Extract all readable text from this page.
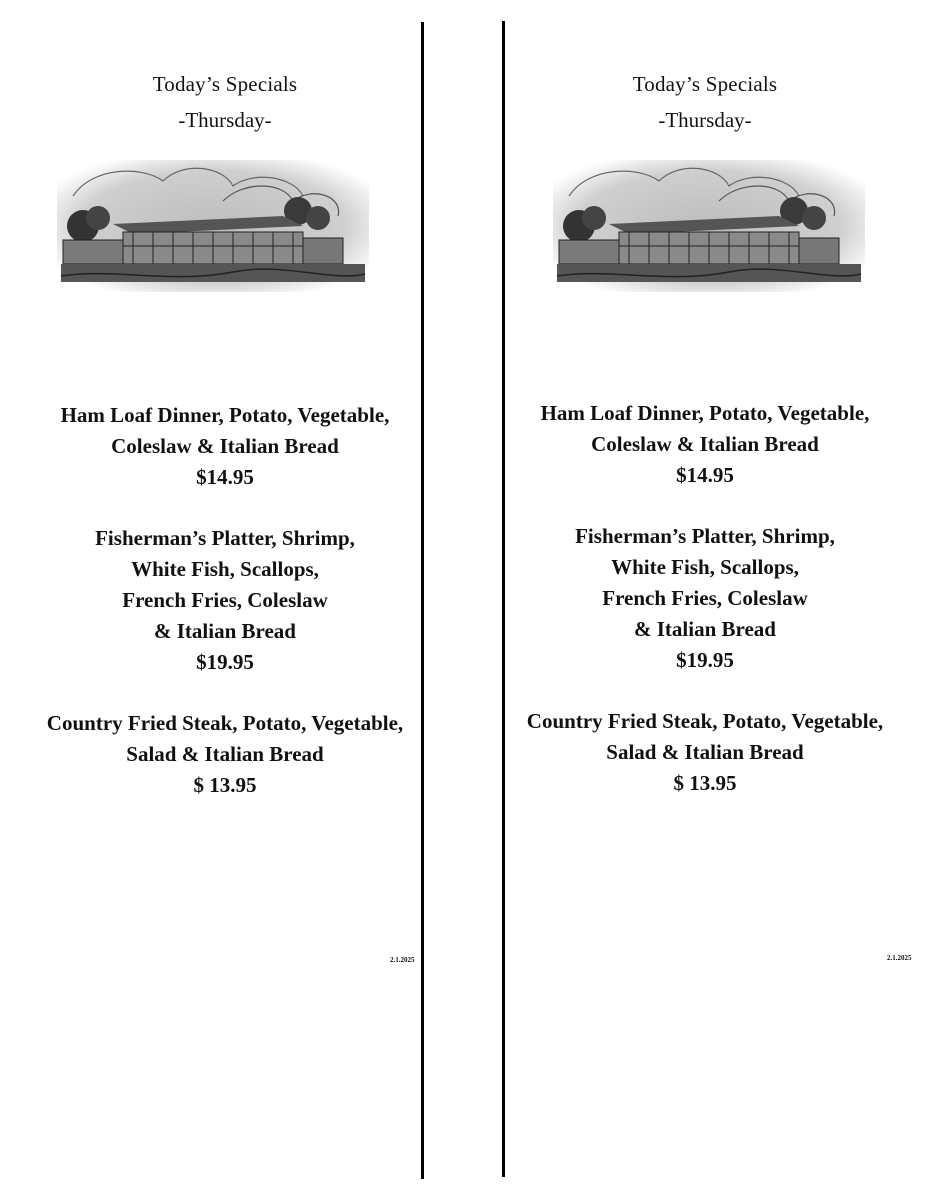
Today’s Specials
-Thursday-
Ham Loaf Dinner, Potato, Vegetable,
Coleslaw & Italian Bread
$14.95
Fisherman’s Platter, Shrimp,
White Fish, Scallops,
French Fries, Coleslaw
& Italian Bread
$19.95
Country Fried Steak, Potato, Vegetable,
Salad & Italian Bread
$ 13.95
2.1.2025
Today’s Specials
-Thursday-
Ham Loaf Dinner, Potato, Vegetable,
Coleslaw & Italian Bread
$14.95
Fisherman’s Platter, Shrimp,
White Fish, Scallops,
French Fries, Coleslaw
& Italian Bread
$19.95
Country Fried Steak, Potato, Vegetable,
Salad & Italian Bread
$ 13.95
2.1.2025
